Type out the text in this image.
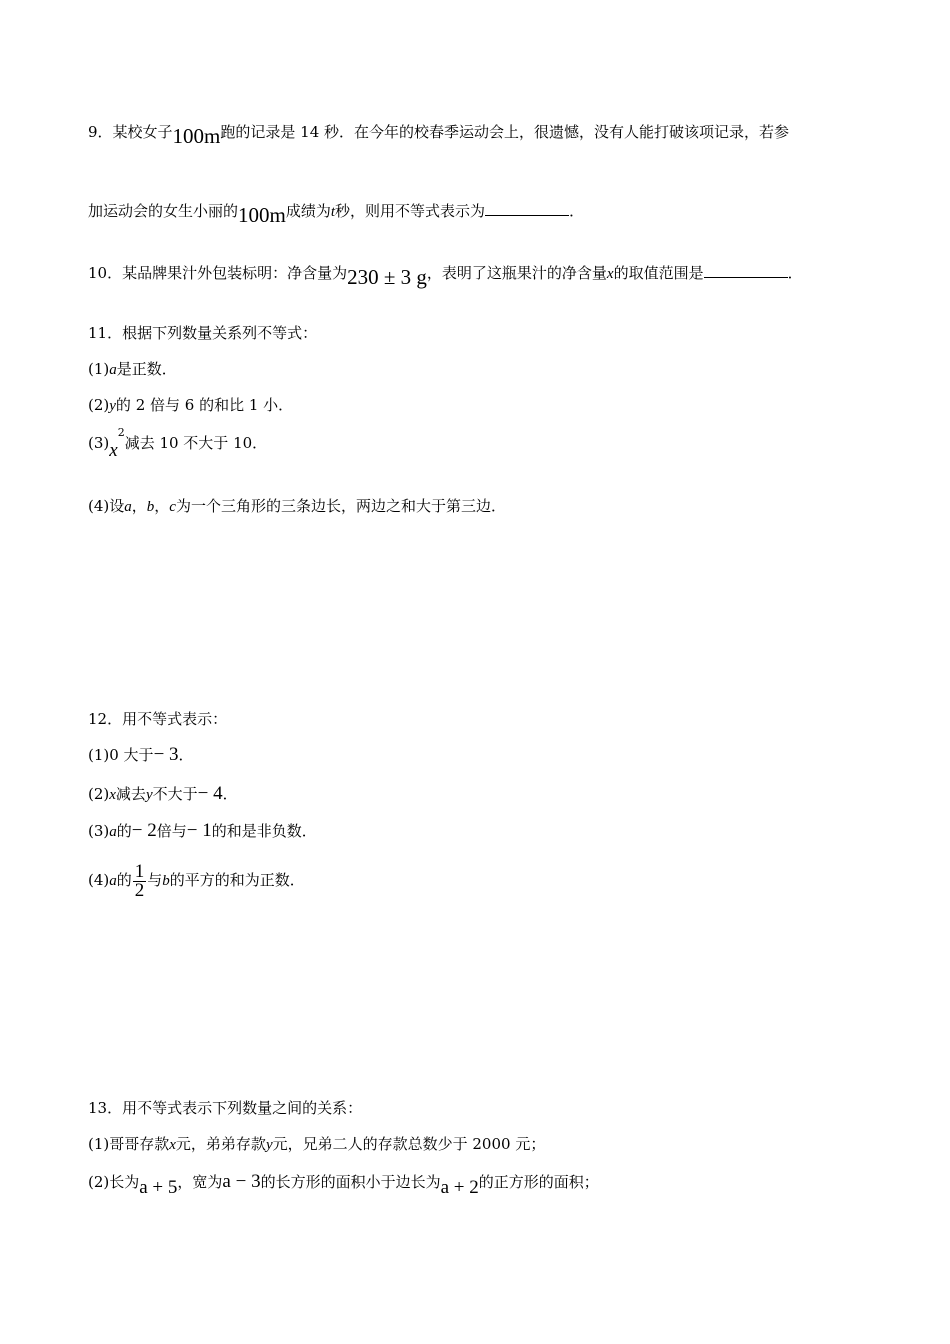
9．某校女子100m跑的记录是 14 秒．在今年的校春季运动会上，很遗憾，没有人能打破该项记录，若参
加运动会的女生小丽的100m成绩为t秒，则用不等式表示为	．
10．某品牌果汁外包装标明：净含量为230 ± 3 g，表明了这瓶果汁的净含量x的取值范围是	．
11．根据下列数量关系列不等式：
(1)a是正数．
(2)y的 2 倍与 6 的和比 1 小．
$(3)x^2$减去 10 不大于 10．
(4)设a，b，c为一个三角形的三条边长，两边之和大于第三边．
12．用不等式表示：
(1)0 大于− 3．
(2)x减去y不大于− 4．
(3)a的− 2倍与− 1的和是非负数．
(4)a的 $\frac{1}{2}$ 与b的平方的和为正数．
13．用不等式表示下列数量之间的关系：
(1)哥哥存款x元，弟弟存款y元，兄弟二人的存款总数少于 2000 元；
(2)长为a + 5，宽为a − 3的长方形的面积小于边长为a + 2的正方形的面积；
